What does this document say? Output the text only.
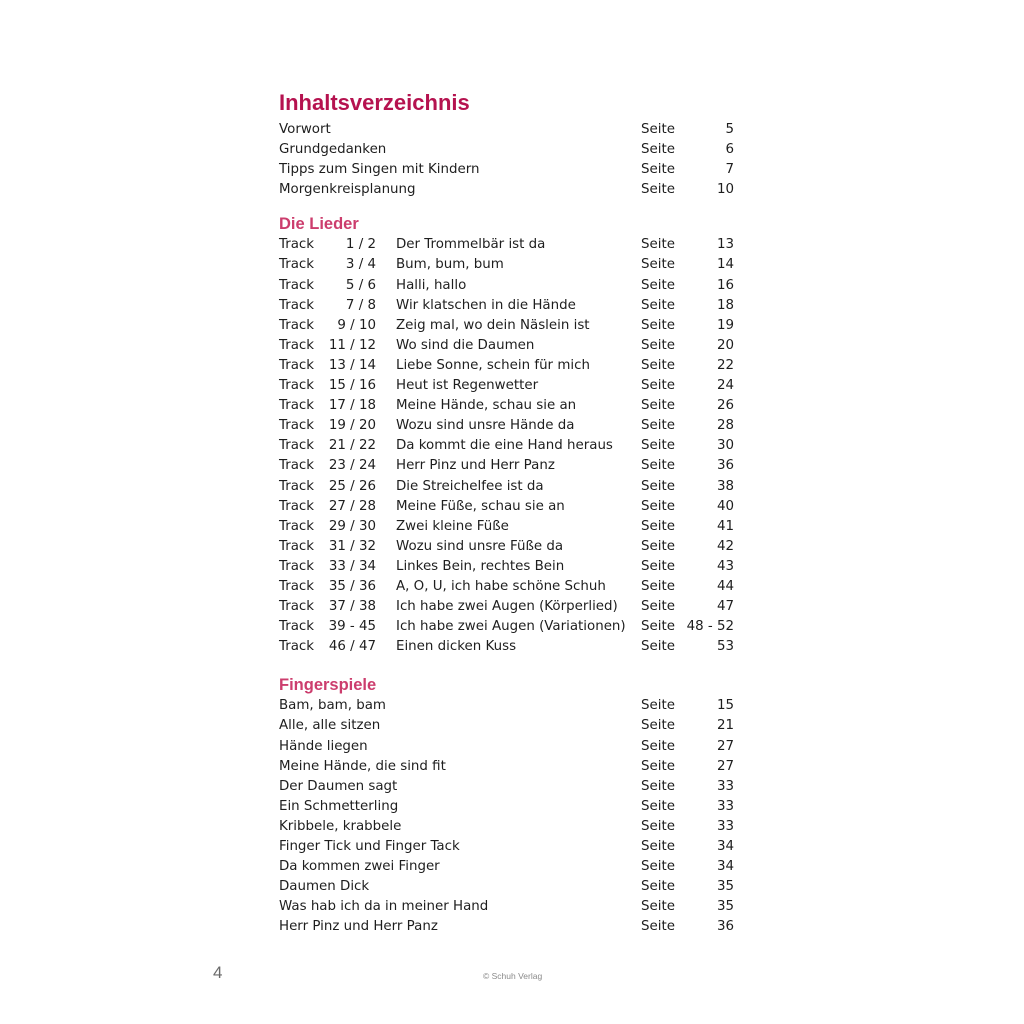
Inhaltsverzeichnis
Vorwort	Seite	5
Grundgedanken	Seite	6
Tipps zum Singen mit Kindern	Seite	7
Morgenkreisplanung	Seite	10
Die Lieder
Track	1 / 2 Der Trommelbär ist da	Seite	13
Track	3 / 4 Bum, bum, bum	Seite	14
Track	5 / 6 Halli, hallo	Seite	16
Track	7 / 8 Wir klatschen in die Hände	Seite	18
Track	9 / 10 Zeig mal, wo dein Näslein ist	Seite	19
Track	11 / 12 Wo sind die Daumen	Seite	20
Track	13 / 14 Liebe Sonne, schein für mich	Seite	22
Track	15 / 16 Heut ist Regenwetter	Seite	24
Track	17 / 18 Meine Hände, schau sie an	Seite	26
Track	19 / 20 Wozu sind unsre Hände da	Seite	28
Track	21 / 22 Da kommt die eine Hand heraus Seite	30
Track	23 / 24 Herr Pinz und Herr Panz	Seite	36
Track	25 / 26 Die Streichelfee ist da	Seite	38
Track	27 / 28 Meine Füße, schau sie an	Seite	40
Track	29 / 30 Zwei kleine Füße	Seite	41
Track	31 / 32 Wozu sind unsre Füße da	Seite	42
Track	33 / 34 Linkes Bein, rechtes Bein	Seite	43
Track	35 / 36 A, O, U, ich habe schöne Schuh	Seite	44
Track	37 / 38 Ich habe zwei Augen (Körperlied) Seite	47
Track	39 - 45 Ich habe zwei Augen (Variationen) Seite 48 - 52
Track	46 / 47 Einen dicken Kuss	Seite	53
Fingerspiele
Bam, bam, bam	Seite	15
Alle, alle sitzen	Seite	21
Hände liegen	Seite	27
Meine Hände, die sind fit	Seite	27
Der Daumen sagt	Seite	33
Ein Schmetterling	Seite	33
Kribbele, krabbele	Seite	33
Finger Tick und Finger Tack	Seite	34
Da kommen zwei Finger	Seite	34
Daumen Dick	Seite	35
Was hab ich da in meiner Hand	Seite	35
Herr Pinz und Herr Panz	Seite	36
4	© Schuh Verlag
